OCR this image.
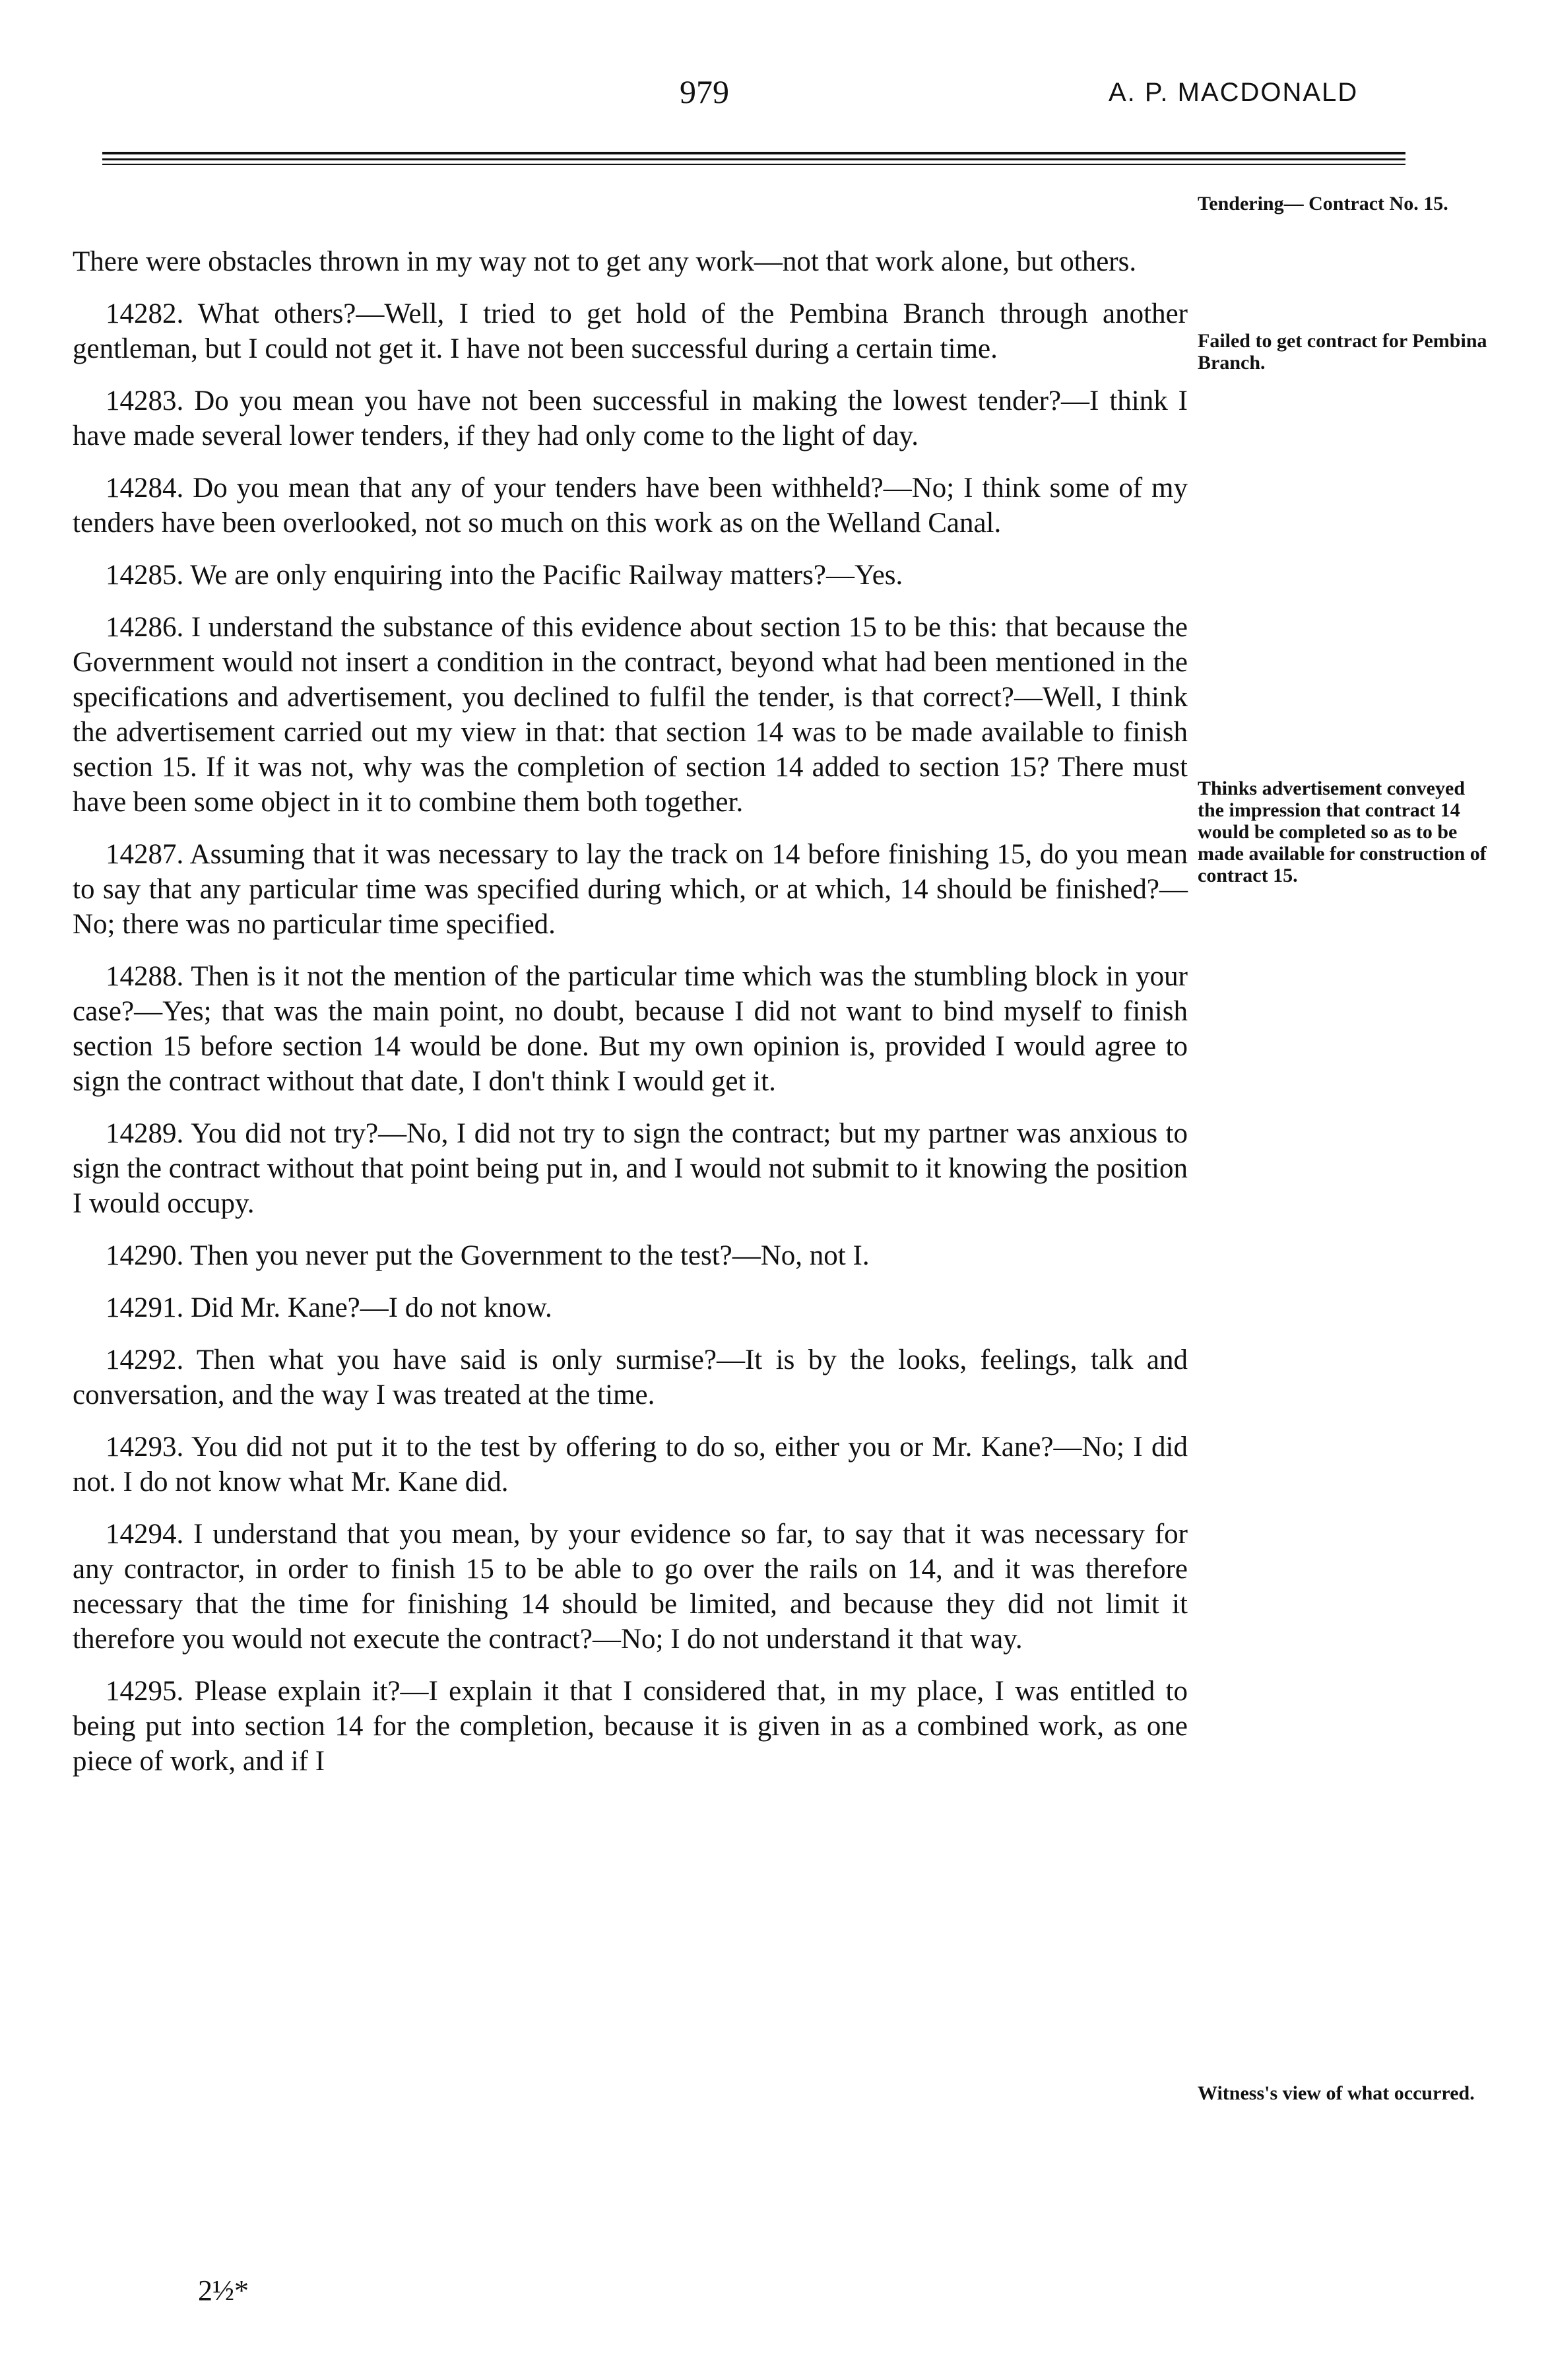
979	A. P. MACDONALD
Tendering— Contract No. 15.
Failed to get contract for Pembina Branch.
Thinks advertisement conveyed the impression that contract 14 would be completed so as to be made available for construction of contract 15.
Witness's view of what occurred.

There were obstacles thrown in my way not to get any work—not that work alone, but others.

14282. What others?—Well, I tried to get hold of the Pembina Branch through another gentleman, but I could not get it. I have not been successful during a certain time.

14283. Do you mean you have not been successful in making the lowest tender?—I think I have made several lower tenders, if they had only come to the light of day.

14284. Do you mean that any of your tenders have been withheld?—No; I think some of my tenders have been overlooked, not so much on this work as on the Welland Canal.

14285. We are only enquiring into the Pacific Railway matters?—Yes.

14286. I understand the substance of this evidence about section 15 to be this: that because the Government would not insert a condition in the contract, beyond what had been mentioned in the specifications and advertisement, you declined to fulfil the tender, is that correct?—Well, I think the advertisement carried out my view in that: that section 14 was to be made available to finish section 15. If it was not, why was the completion of section 14 added to section 15? There must have been some object in it to combine them both together.

14287. Assuming that it was necessary to lay the track on 14 before finishing 15, do you mean to say that any particular time was specified during which, or at which, 14 should be finished?—No; there was no particular time specified.

14288. Then is it not the mention of the particular time which was the stumbling block in your case?—Yes; that was the main point, no doubt, because I did not want to bind myself to finish section 15 before section 14 would be done. But my own opinion is, provided I would agree to sign the contract without that date, I don't think I would get it.

14289. You did not try?—No, I did not try to sign the contract; but my partner was anxious to sign the contract without that point being put in, and I would not submit to it knowing the position I would occupy.

14290. Then you never put the Government to the test?—No, not I.

14291. Did Mr. Kane?—I do not know.

14292. Then what you have said is only surmise?—It is by the looks, feelings, talk and conversation, and the way I was treated at the time.

14293. You did not put it to the test by offering to do so, either you or Mr. Kane?—No; I did not. I do not know what Mr. Kane did.

14294. I understand that you mean, by your evidence so far, to say that it was necessary for any contractor, in order to finish 15 to be able to go over the rails on 14, and it was therefore necessary that the time for finishing 14 should be limited, and because they did not limit it therefore you would not execute the contract?—No; I do not understand it that way.

14295. Please explain it?—I explain it that I considered that, in my place, I was entitled to being put into section 14 for the completion, because it is given in as a combined work, as one piece of work, and if I

2½*
